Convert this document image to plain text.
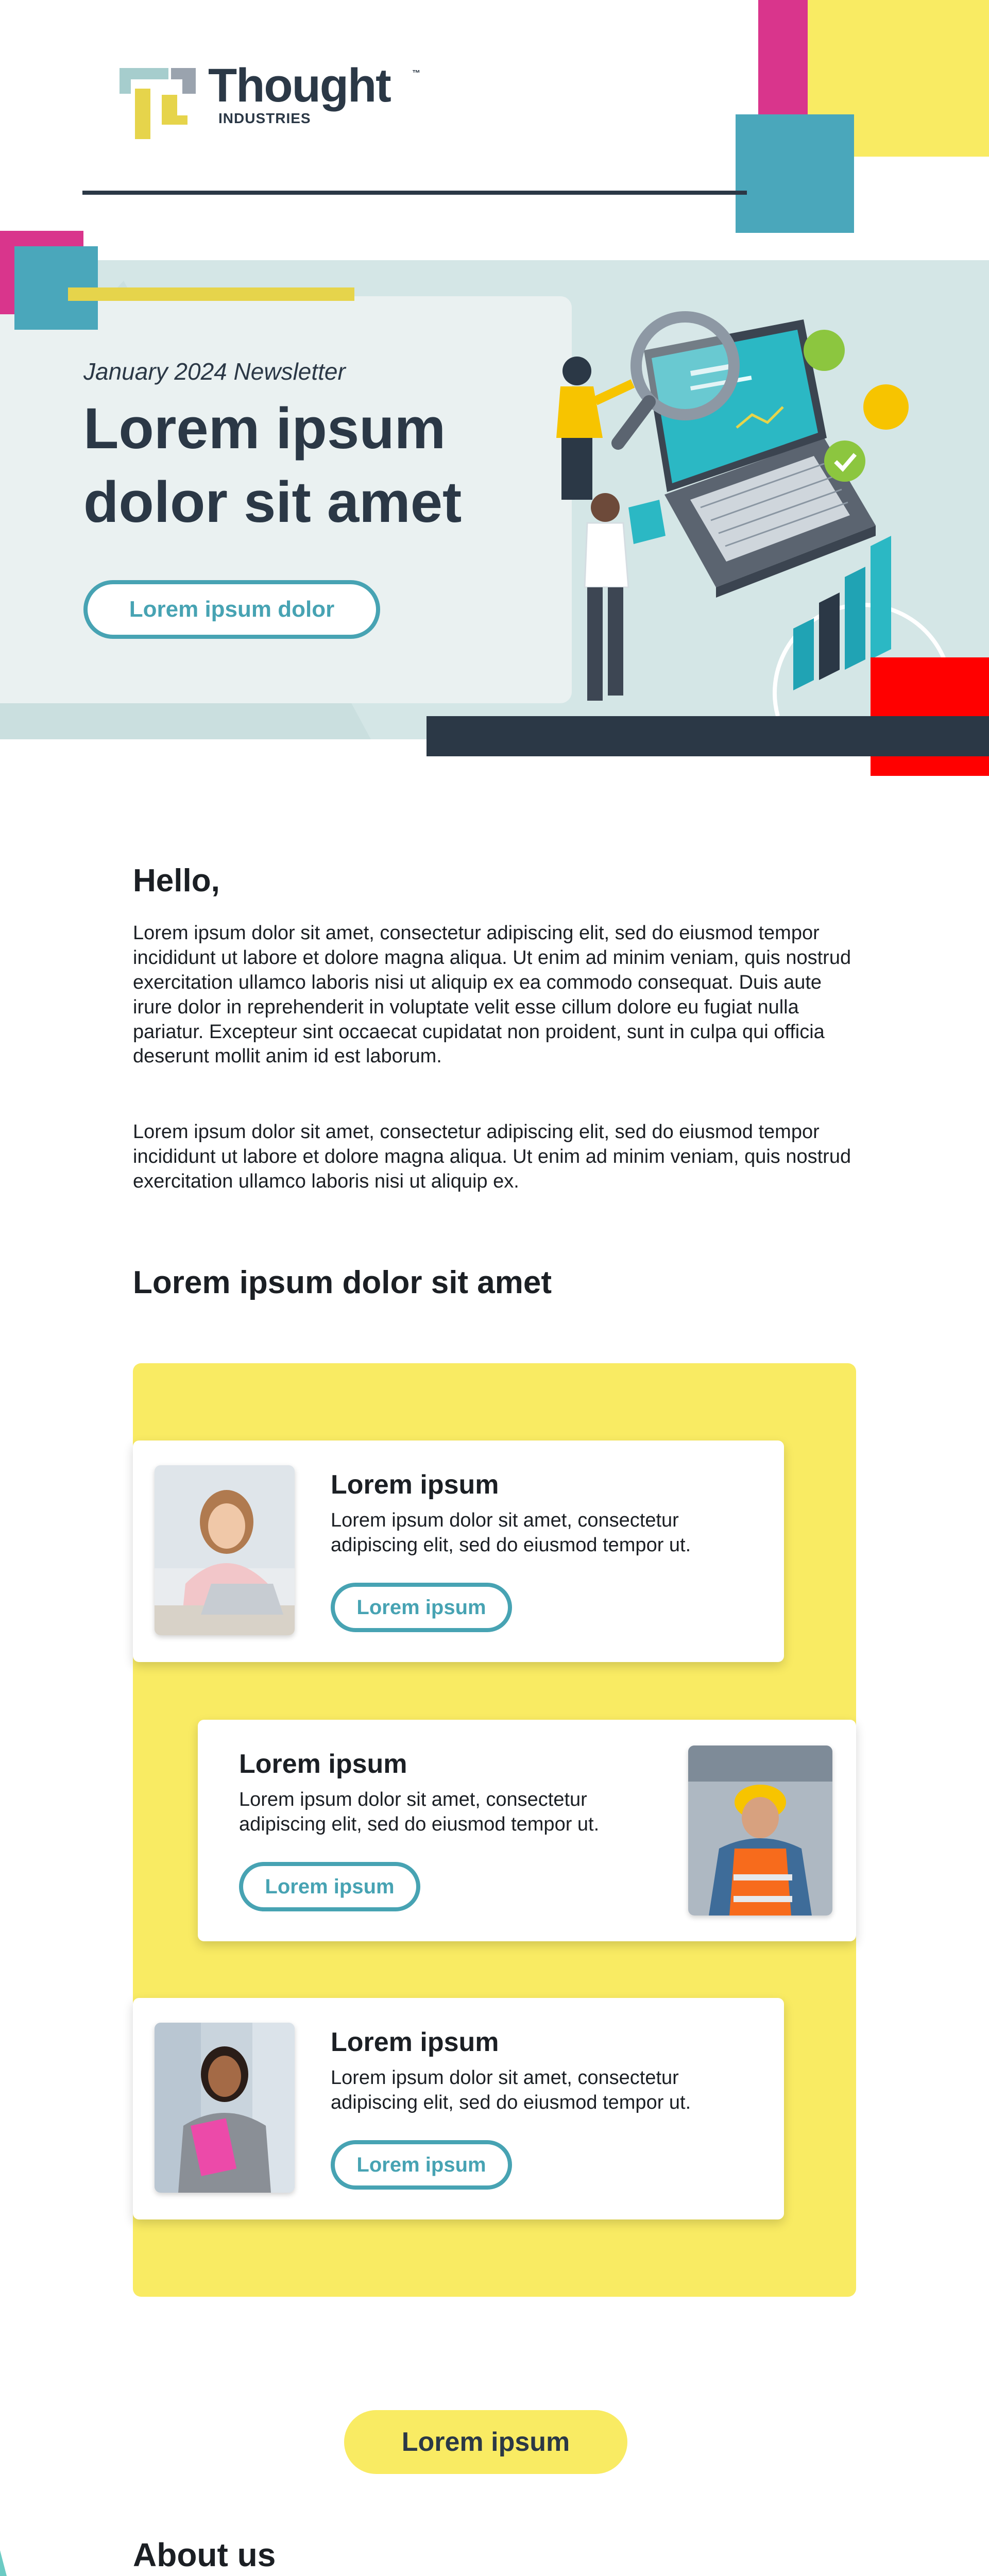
Thought	™
INDUSTRIES
January 2024 Newsletter
Lorem ipsum dolor sit amet
Lorem ipsum dolor
Hello,
Lorem ipsum dolor sit amet, consectetur adipiscing elit, sed do eiusmod tempor incididunt ut labore et dolore magna aliqua. Ut enim ad minim veniam, quis nostrud exercitation ullamco laboris nisi ut aliquip ex ea commodo consequat. Duis aute irure dolor in reprehenderit in voluptate velit esse cillum dolore eu fugiat nulla pariatur. Excepteur sint occaecat cupidatat non proident, sunt in culpa qui officia deserunt mollit anim id est laborum.
Lorem ipsum dolor sit amet, consectetur adipiscing elit, sed do eiusmod tempor incididunt ut labore et dolore magna aliqua. Ut enim ad minim veniam, quis nostrud exercitation ullamco laboris nisi ut aliquip ex.
Lorem ipsum dolor sit amet
Lorem ipsum
Lorem ipsum dolor sit amet, consectetur adipiscing elit, sed do eiusmod tempor ut.
Lorem ipsum
Lorem ipsum
Lorem ipsum dolor sit amet, consectetur adipiscing elit, sed do eiusmod tempor ut.
Lorem ipsum
Lorem ipsum
Lorem ipsum dolor sit amet, consectetur adipiscing elit, sed do eiusmod tempor ut.
Lorem ipsum
Lorem ipsum
About us
